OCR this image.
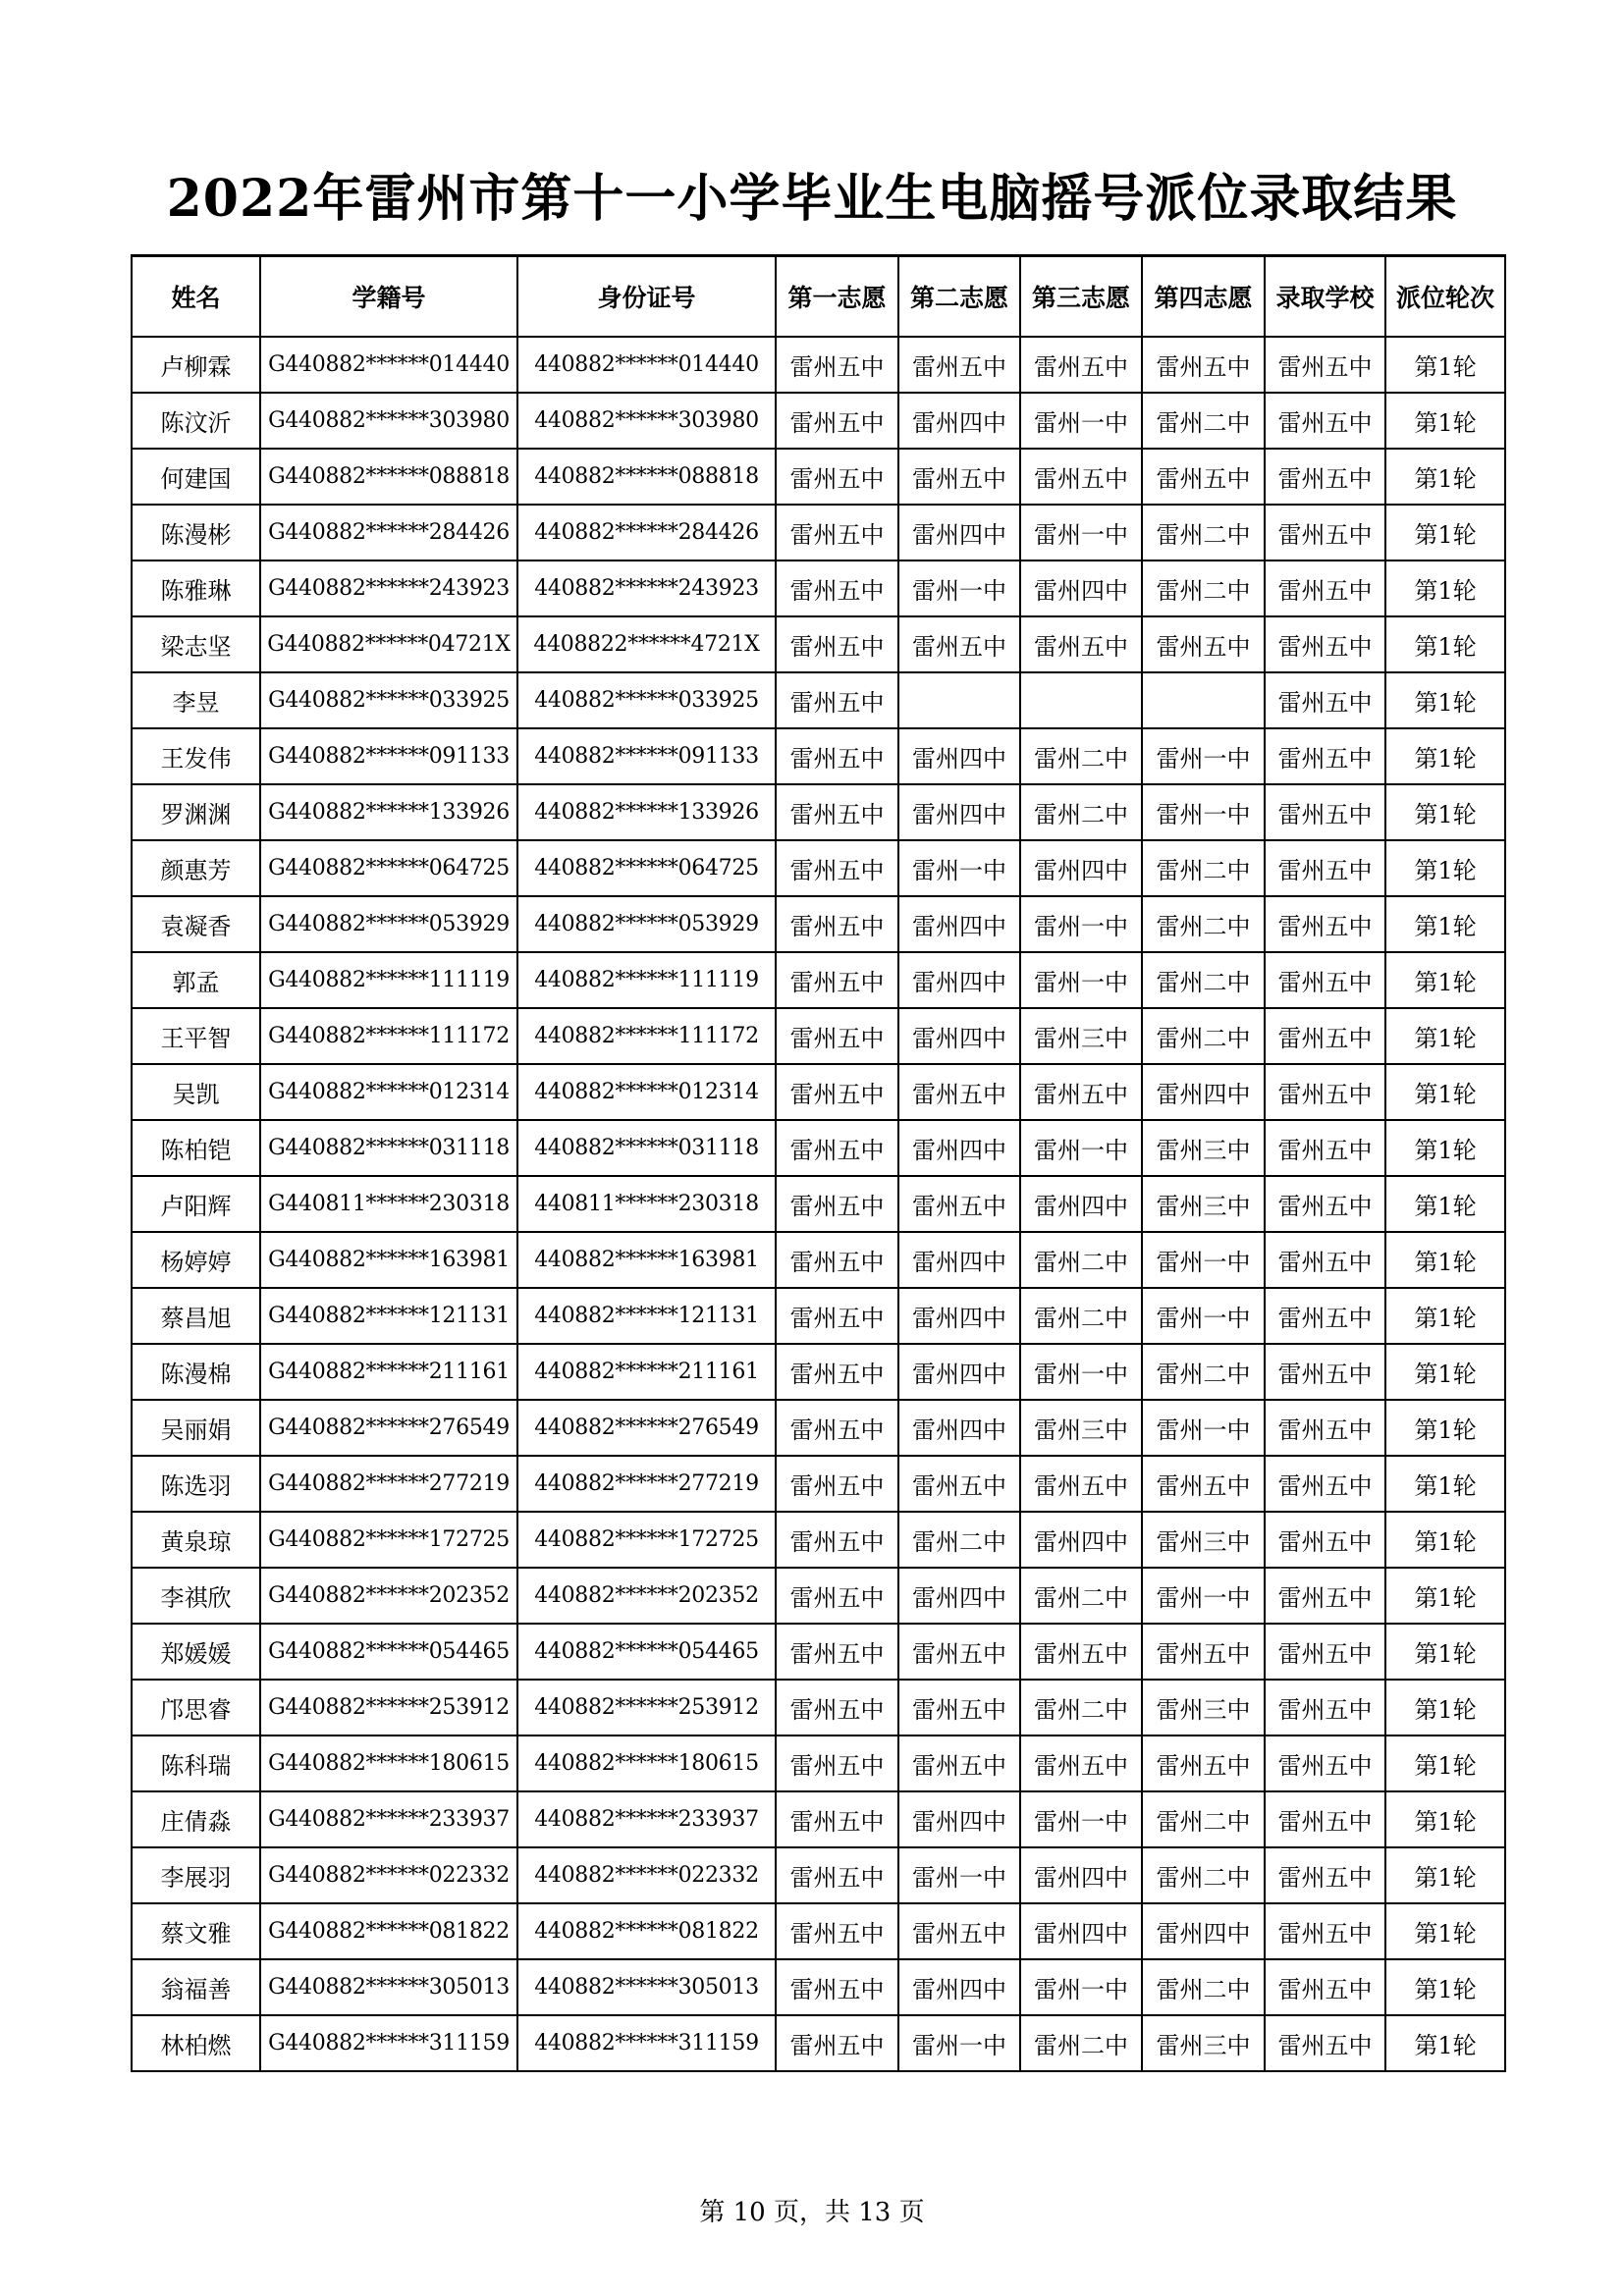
2022年雷州市第十一小学毕业生电脑摇号派位录取结果
姓名	学籍号	身份证号	第一志愿	第二志愿	第三志愿	第四志愿	录取学校	派位轮次
卢柳霖	G440882******014440	440882******014440	雷州五中	雷州五中	雷州五中	雷州五中	雷州五中	第1轮
陈汶沂	G440882******303980	440882******303980	雷州五中	雷州四中	雷州一中	雷州二中	雷州五中	第1轮
何建国	G440882******088818	440882******088818	雷州五中	雷州五中	雷州五中	雷州五中	雷州五中	第1轮
陈漫彬	G440882******284426	440882******284426	雷州五中	雷州四中	雷州一中	雷州二中	雷州五中	第1轮
陈雅琳	G440882******243923	440882******243923	雷州五中	雷州一中	雷州四中	雷州二中	雷州五中	第1轮
梁志坚	G440882******04721X	4408822******4721X	雷州五中	雷州五中	雷州五中	雷州五中	雷州五中	第1轮
李昱	G440882******033925	440882******033925	雷州五中				雷州五中	第1轮
王发伟	G440882******091133	440882******091133	雷州五中	雷州四中	雷州二中	雷州一中	雷州五中	第1轮
罗渊渊	G440882******133926	440882******133926	雷州五中	雷州四中	雷州二中	雷州一中	雷州五中	第1轮
颜惠芳	G440882******064725	440882******064725	雷州五中	雷州一中	雷州四中	雷州二中	雷州五中	第1轮
袁凝香	G440882******053929	440882******053929	雷州五中	雷州四中	雷州一中	雷州二中	雷州五中	第1轮
郭孟	G440882******111119	440882******111119	雷州五中	雷州四中	雷州一中	雷州二中	雷州五中	第1轮
王平智	G440882******111172	440882******111172	雷州五中	雷州四中	雷州三中	雷州二中	雷州五中	第1轮
吴凯	G440882******012314	440882******012314	雷州五中	雷州五中	雷州五中	雷州四中	雷州五中	第1轮
陈柏铠	G440882******031118	440882******031118	雷州五中	雷州四中	雷州一中	雷州三中	雷州五中	第1轮
卢阳辉	G440811******230318	440811******230318	雷州五中	雷州五中	雷州四中	雷州三中	雷州五中	第1轮
杨婷婷	G440882******163981	440882******163981	雷州五中	雷州四中	雷州二中	雷州一中	雷州五中	第1轮
蔡昌旭	G440882******121131	440882******121131	雷州五中	雷州四中	雷州二中	雷州一中	雷州五中	第1轮
陈漫棉	G440882******211161	440882******211161	雷州五中	雷州四中	雷州一中	雷州二中	雷州五中	第1轮
吴丽娟	G440882******276549	440882******276549	雷州五中	雷州四中	雷州三中	雷州一中	雷州五中	第1轮
陈选羽	G440882******277219	440882******277219	雷州五中	雷州五中	雷州五中	雷州五中	雷州五中	第1轮
黄泉琼	G440882******172725	440882******172725	雷州五中	雷州二中	雷州四中	雷州三中	雷州五中	第1轮
李祺欣	G440882******202352	440882******202352	雷州五中	雷州四中	雷州二中	雷州一中	雷州五中	第1轮
郑媛媛	G440882******054465	440882******054465	雷州五中	雷州五中	雷州五中	雷州五中	雷州五中	第1轮
邝思睿	G440882******253912	440882******253912	雷州五中	雷州五中	雷州二中	雷州三中	雷州五中	第1轮
陈科瑞	G440882******180615	440882******180615	雷州五中	雷州五中	雷州五中	雷州五中	雷州五中	第1轮
庄倩淼	G440882******233937	440882******233937	雷州五中	雷州四中	雷州一中	雷州二中	雷州五中	第1轮
李展羽	G440882******022332	440882******022332	雷州五中	雷州一中	雷州四中	雷州二中	雷州五中	第1轮
蔡文雅	G440882******081822	440882******081822	雷州五中	雷州五中	雷州四中	雷州四中	雷州五中	第1轮
翁福善	G440882******305013	440882******305013	雷州五中	雷州四中	雷州一中	雷州二中	雷州五中	第1轮
林柏燃	G440882******311159	440882******311159	雷州五中	雷州一中	雷州二中	雷州三中	雷州五中	第1轮
第 10 页，共 13 页
